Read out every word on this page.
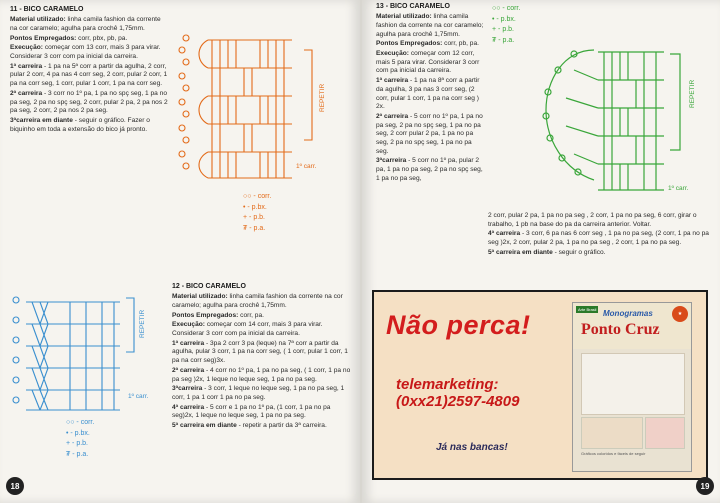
11 - BICO CARAMELO

Material utilizado: linha camila fashion da corrente na cor caramelo; agulha para crochê 1,75mm.

Pontos Empregados: corr, pbx, pb, pa.

Execução: começar com 13 corr, mais 3 para virar. Considerar 3 corr com pa inicial da carreira.

1ª carreira - 1 pa na 5ª corr a partir da agulha, 2 corr, pular 2 corr, 4 pa nas 4 corr seg, 2 corr, pular 2 corr, 1 pa na corr seg, 1 corr, pular 1 corr, 1 pa na corr seg.

2ª carreira - 3 corr no 1º pa, 1 pa no spç seg, 1 pa no pa seg, 2 pa no spç seg, 2 corr, pular 2 pa, 2 pa nos 2 pa seg, 2 corr, 2 pa nos 2 pa seg.

3ªcarreira em diante - seguir o gráfico. Fazer o biquinho em toda a extensão do bico já pronto.

REPETIR
1º carr.
○○ - corr.
• - p.bx.
+ - p.b.
₮ - p.a.
REPETIR
1º carr.
○○ - corr.
• - p.bx.
+ - p.b.
₮ - p.a.
12 - BICO CARAMELO

Material utilizado: linha camila fashion da corrente na cor caramelo; agulha para crochê 1,75mm.

Pontos Empregados: corr, pa.

Execução: começar com 14 corr, mais 3 para virar. Considerar 3 corr com pa inicial da carreira.

1ª carreira - 3pa 2 corr 3 pa (leque) na 7ª corr a partir da agulha, pular 3 corr, 1 pa na corr seg, ( 1 corr, pular 1 corr, 1 pa na corr seg)3x.

2ª carreira - 4 corr no 1º pa, 1 pa no pa seg, ( 1 corr, 1 pa no pa seg )2x, 1 leque no leque seg, 1 pa no pa seg.

3ªcarreira - 3 corr, 1 leque no leque seg, 1 pa no pa seg, 1 corr, 1 pa 1 corr 1 pa no pa seg.

4ª carreira - 5 corr e 1 pa no 1º pa, (1 corr, 1 pa no pa seg)2x, 1 leque no leque seg, 1 pa no pa seg.

5ª carreira em diante - repetir a partir da 3ª carreira.

18
13 - BICO CARAMELO

Material utilizado: linha camila fashion da corrente na cor caramelo; agulha para crochê 1,75mm.

Pontos Empregados: corr, pb, pa.

Execução: começar com 12 corr, mais 5 para virar. Considerar 3 corr com pa inicial da carreira.

1ª carreira - 1 pa na 8ª corr a partir da agulha, 3 pa nas 3 corr seg, (2 corr, pular 1 corr, 1 pa na corr seg ) 2x.

2ª carreira - 5 corr no 1º pa, 1 pa no pa seg, 2 pa no spç seg, 1 pa no pa seg, 2 corr pular 2 pa, 1 pa no pa seg, 2 pa no spç seg, 1 pa no pa seg.

3ªcarreira - 5 corr no 1º pa, pular 2 pa, 1 pa no pa seg, 2 pa no spç seg, 1 pa no pa seg,

○○ - corr.
• - p.bx.
+ - p.b.
₮ - p.a.
REPETIR
1º carr.

2 corr, pular 2 pa, 1 pa no pa seg , 2 corr, 1 pa no pa seg, 6 corr, girar o trabalho, 1 pb na base do pa da carreira anterior. Voltar.

4ª carreira - 3 corr, 6 pa nas 6 corr seg , 1 pa no pa seg, (2 corr, 1 pa no pa seg )2x, 2 corr, pular 2 pa, 1 pa no pa seg , 2 corr, 1 pa no pa seg.

5ª carreira em diante - seguir o gráfico.

Não perca!
telemarketing:
(0xx21)2597-4809
Já nas bancas!
Arte Brasil Monogramas
Ponto Cruz
★
Gráficos coloridos e fáceis de seguir
19
